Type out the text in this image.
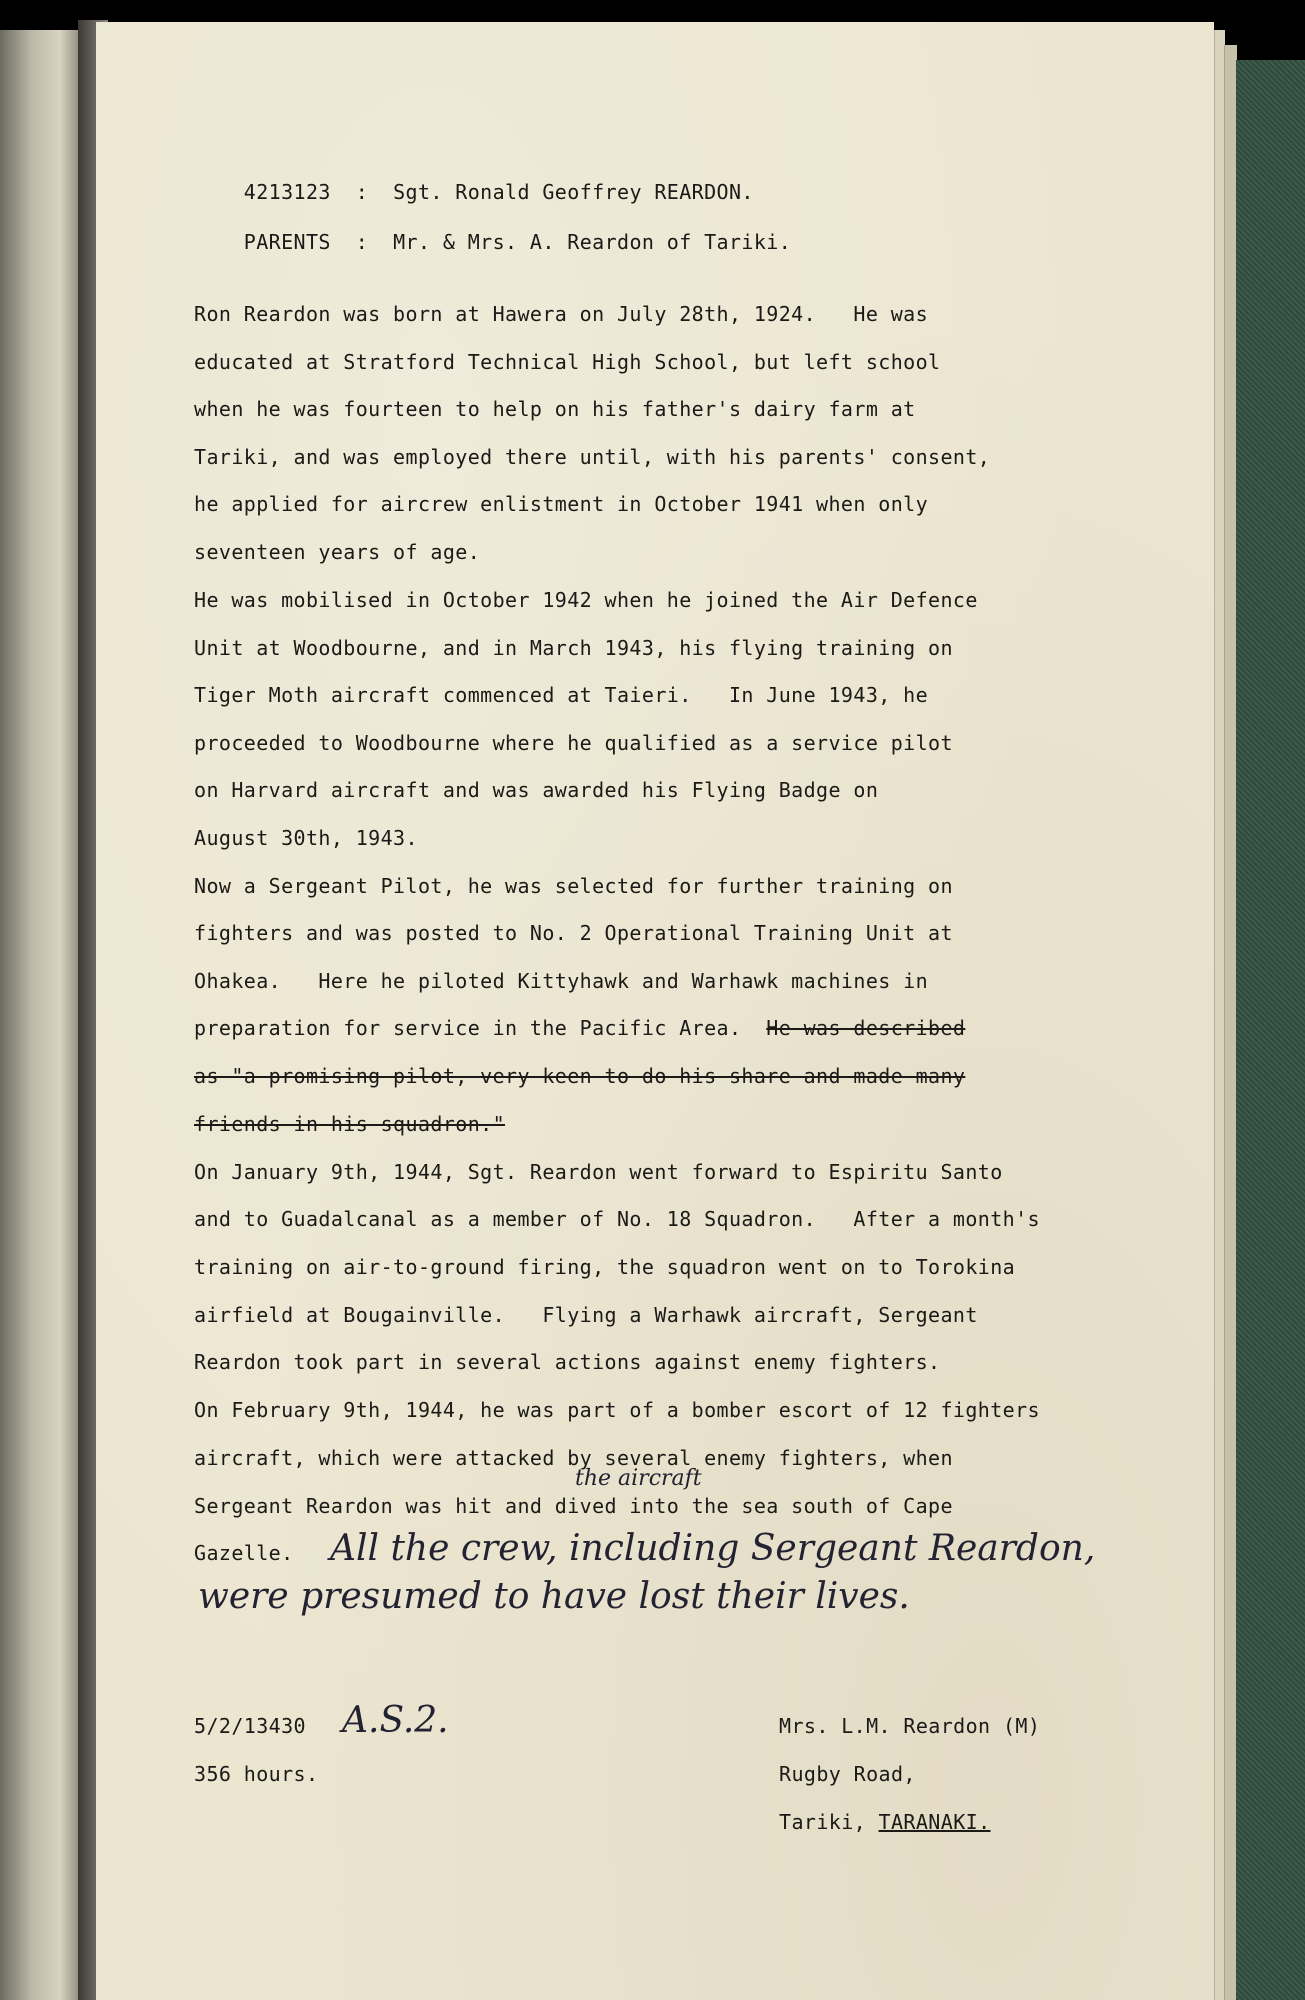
4213123  :  Sgt. Ronald Geoffrey REARDON.

PARENTS  :  Mr. & Mrs. A. Reardon of Tariki.

Ron Reardon was born at Hawera on July 28th, 1924.   He was
educated at Stratford Technical High School, but left school
when he was fourteen to help on his father's dairy farm at
Tariki, and was employed there until, with his parents' consent,
he applied for aircrew enlistment in October 1941 when only
seventeen years of age.
He was mobilised in October 1942 when he joined the Air Defence
Unit at Woodbourne, and in March 1943, his flying training on
Tiger Moth aircraft commenced at Taieri.   In June 1943, he
proceeded to Woodbourne where he qualified as a service pilot
on Harvard aircraft and was awarded his Flying Badge on
August 30th, 1943.
Now a Sergeant Pilot, he was selected for further training on
fighters and was posted to No. 2 Operational Training Unit at
Ohakea.   Here he piloted Kittyhawk and Warhawk machines in
preparation for service in the Pacific Area. He was described
as "a promising pilot, very keen to do his share and made many
friends in his squadron."
On January 9th, 1944, Sgt. Reardon went forward to Espiritu Santo
and to Guadalcanal as a member of No. 18 Squadron.   After a month's
training on air-to-ground firing, the squadron went on to Torokina
airfield at Bougainville.   Flying a Warhawk aircraft, Sergeant
Reardon took part in several actions against enemy fighters.
On February 9th, 1944, he was part of a bomber escort of 12 fighters
aircraft, which were attacked by several enemy fighters, when
Sergeant Reardon was hit and dived into the sea south of Cape
Gazelle.
the aircraft
All the crew, including Sergeant Reardon,
were presumed to have lost their lives.
5/2/13430 A.S.2.
356 hours.
Mrs. L.M. Reardon (M)
Rugby Road,
Tariki, TARANAKI.
